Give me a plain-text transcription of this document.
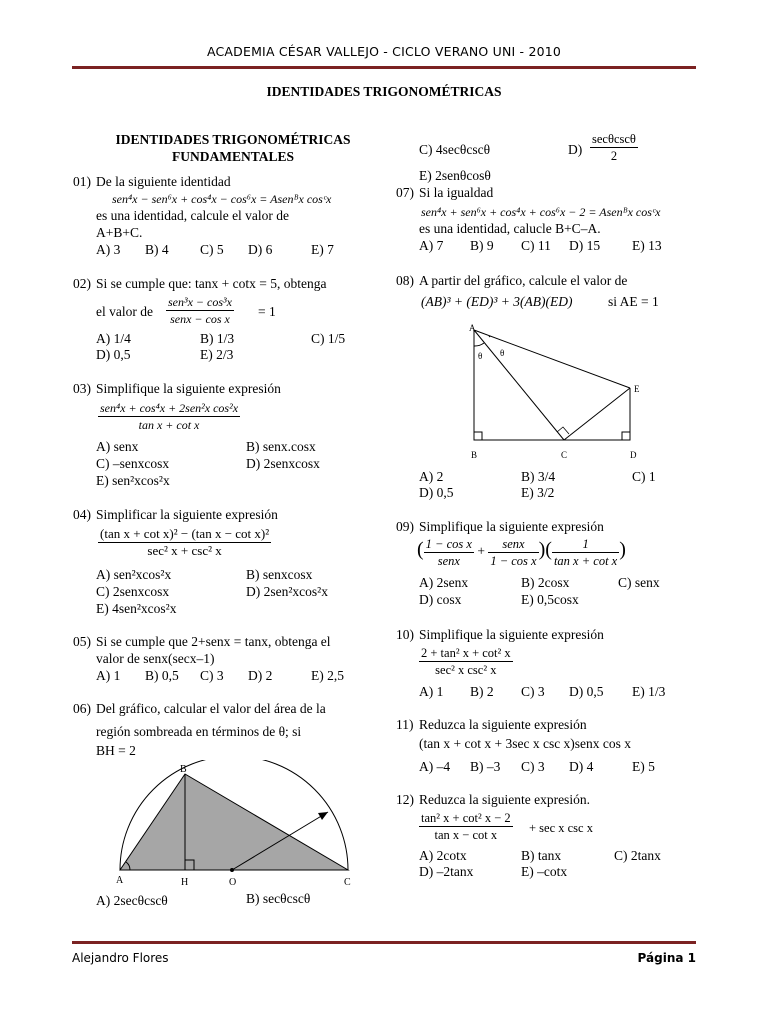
ACADEMIA CÉSAR VALLEJO - CICLO VERANO UNI - 2010
IDENTIDADES TRIGONOMÉTRICAS
IDENTIDADES TRIGONOMÉTRICAS
FUNDAMENTALES
01) De la siguiente identidad
sen⁴x − sen⁶x + cos⁴x − cos⁶x = Asenᴮx cosᶜx
es una identidad, calcule el valor de
A+B+C.
A) 3 B) 4 C) 5 D) 6	E) 7
02) Si se cumple que: tanx + cotx = 5, obtenga
el valor de $\frac{\text{sen³x − cos³x}}{\text{senx − cos x}} = 1$
A) 1/4	B) 1/3	C) 1/5
D) 0,5	E) 2/3
03) Simplifique la siguiente expresión
$\frac{\text{sen⁴x + cos⁴x + 2sen²x cos²x}}{\text{tan x + cot x}}$
A) senx	B) senx.cosx
C) –senxcosx	D) 2senxcosx
E) sen²xcos²x
04) Simplificar la siguiente expresión
$\frac{\text{(tan x + cot x)² − (tan x − cot x)²}}{\text{sec² x + csc² x}}$
A) sen²xcos²x	B) senxcosx
C) 2senxcosx	D) 2sen²xcos²x
E) 4sen²xcos²x
05) Si se cumple que 2+senx = tanx, obtenga el
valor de senx(secx–1)
A) 1 B) 0,5 C) 3 D) 2	E) 2,5
06) Del gráfico, calcular el valor del área de la
región sombreada en términos de θ; si
BH = 2
B
A	H	O	C
A) 2secθcscθ	B) secθcscθ
C) 4secθcscθ	$D) \frac{\sec\theta\csc\theta}{2}$
E) 2senθcosθ
07) Si la igualdad
sen⁴x + sen⁶x + cos⁴x + cos⁶x − 2 = Asenᴮx cosᶜx
es una identidad, calucle B+C–A.
A) 7 B) 9 C) 11 D) 15 E) 13
08) A partir del gráfico, calcule el valor de
(AB)³ + (ED)³ + 3(AB)(ED)	si AE = 1
A
θ θ
E
B	C	D
A) 2	B) 3/4	C) 1
D) 0,5	E) 3/2
09) Simplifique la siguiente expresión
( $\frac{\text{1 − cos x}}{\text{senx}} + \frac{\text{senx}}{\text{1 − cos x}}$ )( $\frac{1}{\text{tan x + cot x}}$ )
A) 2senx	B) 2cosx	C) senx
D) cosx	E) 0,5cosx
10) Simplifique la siguiente expresión
$\frac{\text{2 + tan² x + cot² x}}{\text{sec² x csc² x}}$
A) 1 B) 2 C) 3 D) 0,5 E) 1/3
11) Reduzca la siguiente expresión
(tan x + cot x + 3sec x csc x)senx cos x
A) –4 B) –3 C) 3 D) 4	E) 5
12) Reduzca la siguiente expresión.
$\frac{\text{tan² x + cot² x − 2}}{\text{tan x − cot x}} + \sec x$ csc x
A) 2cotx	B) tanx	C) 2tanx
D) –2tanx	E) –cotx
Alejandro Flores	Página 1
